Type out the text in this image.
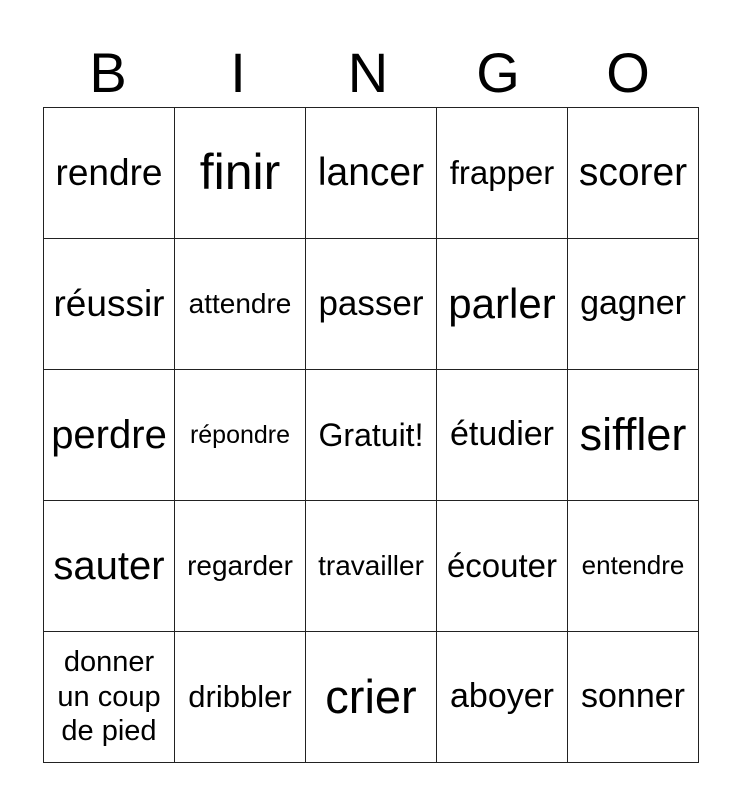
B	I	N	G	O
rendre	finir	lancer	frapper	scorer
réussir	attendre	passer	parler	gagner
perdre	répondre	Gratuit!	étudier	siffler
sauter	regarder	travailler	écouter	entendre
donner un coup de pied	dribbler	crier	aboyer	sonner
